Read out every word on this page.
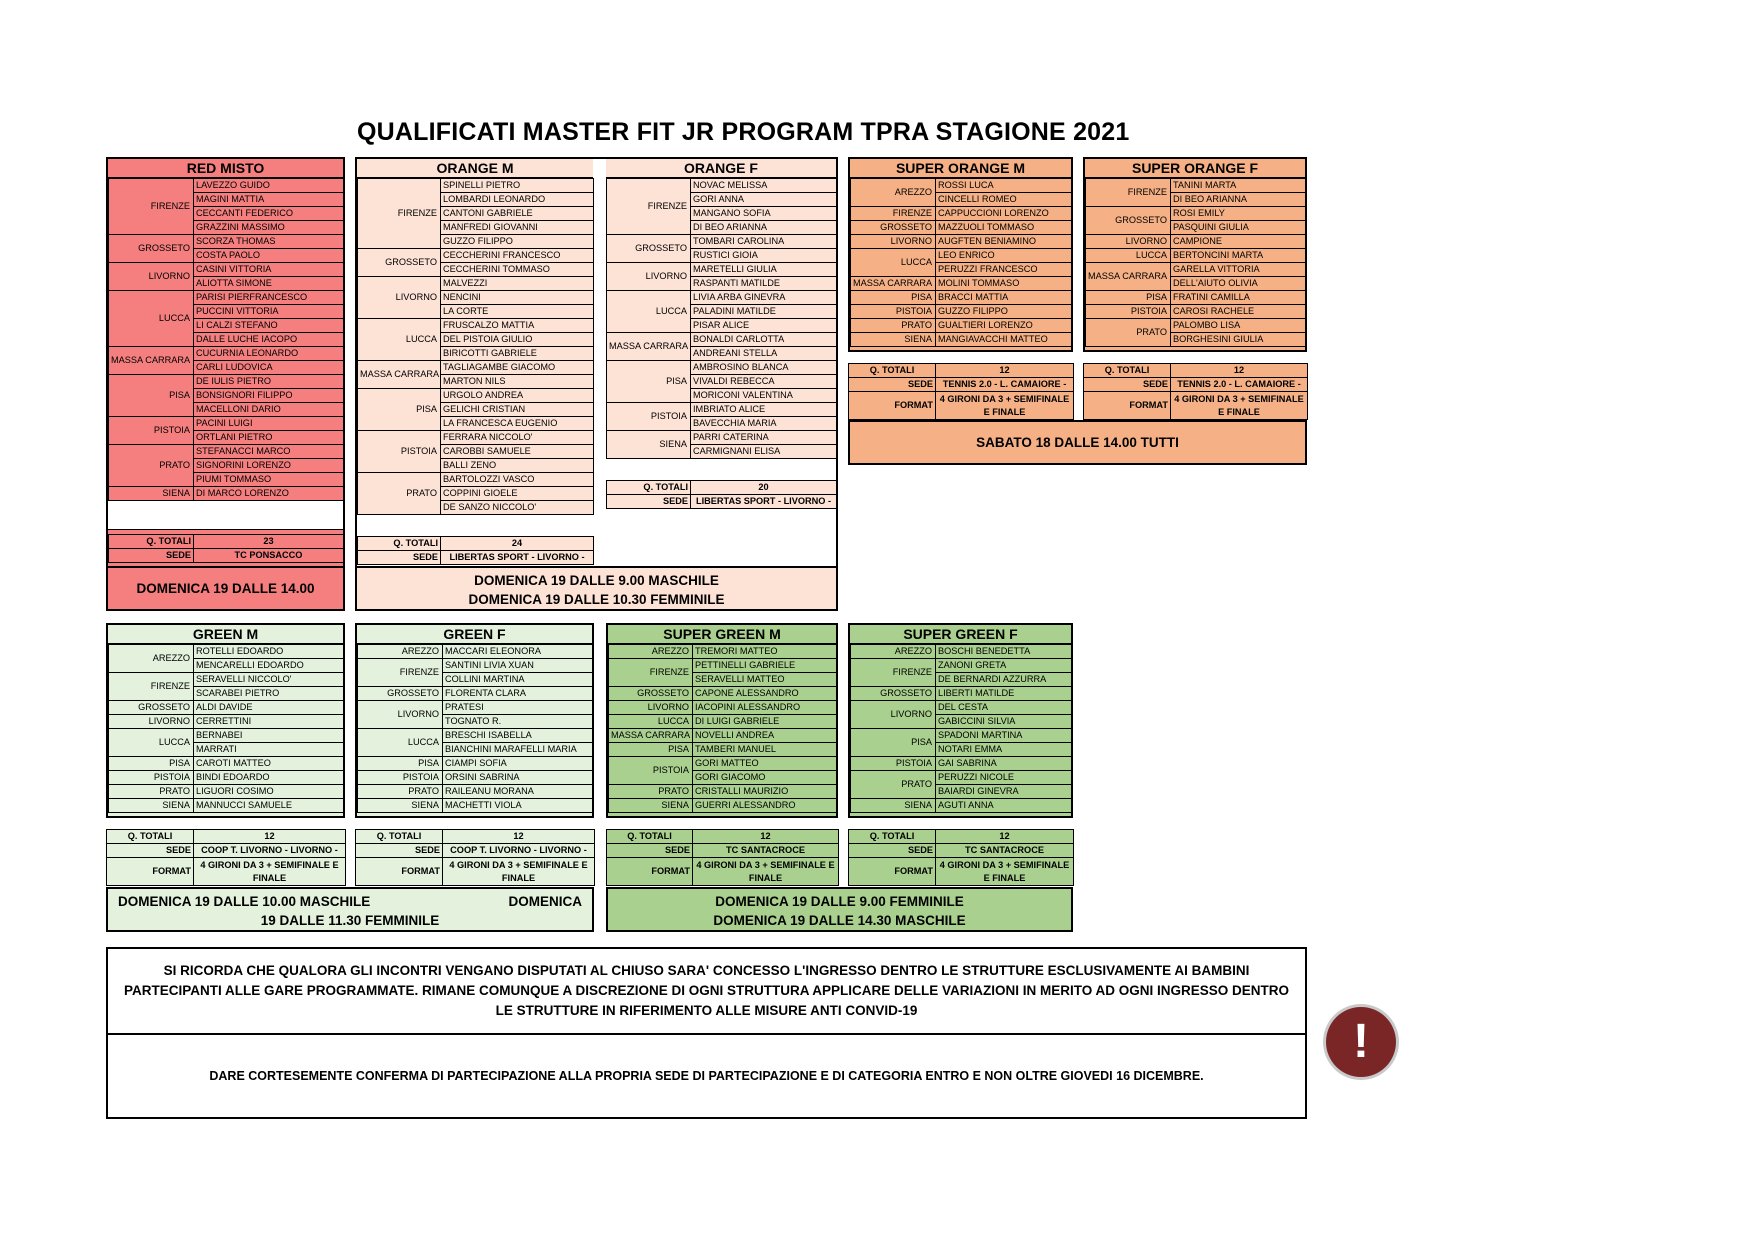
QUALIFICATI MASTER FIT JR PROGRAM TPRA STAGIONE 2021
RED MISTO
FIRENZE	LAVEZZO GUIDO
	MAGINI MATTIA
	CECCANTI FEDERICO
	GRAZZINI MASSIMO
GROSSETO	SCORZA THOMAS
	COSTA PAOLO
LIVORNO	CASINI VITTORIA
	ALIOTTA SIMONE
LUCCA	PARISI PIERFRANCESCO
	PUCCINI VITTORIA
	LI CALZI STEFANO
	DALLE LUCHE IACOPO
MASSA CARRARA	CUCURNIA LEONARDO
	CARLI LUDOVICA
PISA	DE IULIS PIETRO
	BONSIGNORI FILIPPO
	MACELLONI DARIO
PISTOIA	PACINI LUIGI
	ORTLANI PIETRO
PRATO	STEFANACCI MARCO
	SIGNORINI LORENZO
	PIUMI TOMMASO
SIENA	DI MARCO LORENZO
Q. TOTALI	23
SEDE	TC PONSACCO
DOMENICA 19 DALLE 14.00
ORANGE M
FIRENZE	SPINELLI PIETRO
	LOMBARDI LEONARDO
	CANTONI GABRIELE
	MANFREDI GIOVANNI
	GUZZO FILIPPO
GROSSETO	CECCHERINI FRANCESCO
	CECCHERINI TOMMASO
LIVORNO	MALVEZZI
	NENCINI
	LA CORTE
LUCCA	FRUSCALZO MATTIA
	DEL PISTOIA GIULIO
	BIRICOTTI GABRIELE
MASSA CARRARA	TAGLIAGAMBE GIACOMO
	MARTON NILS
PISA	URGOLO ANDREA
	GELICHI CRISTIAN
	LA FRANCESCA EUGENIO
PISTOIA	FERRARA NICCOLO'
	CAROBBI SAMUELE
	BALLI ZENO
PRATO	BARTOLOZZI VASCO
	COPPINI GIOELE
	DE SANZO NICCOLO'
Q. TOTALI	24
SEDE	LIBERTAS SPORT - LIVORNO -
ORANGE F
FIRENZE	NOVAC MELISSA
	GORI ANNA
	MANGANO SOFIA
	DI BEO ARIANNA
GROSSETO	TOMBARI CAROLINA
	RUSTICI GIOIA
LIVORNO	MARETELLI GIULIA
	RASPANTI MATILDE
LUCCA	LIVIA ARBA GINEVRA
	PALADINI MATILDE
	PISAR ALICE
MASSA CARRARA	BONALDI CARLOTTA
	ANDREANI STELLA
PISA	AMBROSINO BLANCA
	VIVALDI REBECCA
	MORICONI VALENTINA
PISTOIA	IMBRIATO ALICE
	BAVECCHIA MARIA
SIENA	PARRI CATERINA
	CARMIGNANI ELISA
Q. TOTALI	20
SEDE	LIBERTAS SPORT - LIVORNO -
DOMENICA 19 DALLE 9.00 MASCHILE
DOMENICA 19 DALLE 10.30 FEMMINILE
SUPER ORANGE M
AREZZO	ROSSI LUCA
	CINCELLI ROMEO
FIRENZE	CAPPUCCIONI LORENZO
GROSSETO	MAZZUOLI TOMMASO
LIVORNO	AUGFTEN BENIAMINO
LUCCA	LEO ENRICO
	PERUZZI FRANCESCO
MASSA CARRARA	MOLINI TOMMASO
PISA	BRACCI MATTIA
PISTOIA	GUZZO FILIPPO
PRATO	GUALTIERI LORENZO
SIENA	MANGIAVACCHI MATTEO
Q. TOTALI	12
SEDE	TENNIS 2.0 - L. CAMAIORE -
FORMAT	4 GIRONI DA 3 + SEMIFINALE E FINALE
SUPER ORANGE F
FIRENZE	TANINI MARTA
	DI BEO ARIANNA
GROSSETO	ROSI EMILY
	PASQUINI GIULIA
LIVORNO	CAMPIONE
LUCCA	BERTONCINI MARTA
MASSA CARRARA	GARELLA VITTORIA
	DELL'AIUTO OLIVIA
PISA	FRATINI CAMILLA
PISTOIA	CAROSI RACHELE
PRATO	PALOMBO LISA
	BORGHESINI GIULIA
Q. TOTALI	12
SEDE	TENNIS 2.0 - L. CAMAIORE -
FORMAT	4 GIRONI DA 3 + SEMIFINALE E FINALE
SABATO 18 DALLE 14.00 TUTTI
GREEN M
AREZZO	ROTELLI EDOARDO
	MENCARELLI EDOARDO
FIRENZE	SERAVELLI NICCOLO'
	SCARABEI PIETRO
GROSSETO	ALDI DAVIDE
LIVORNO	CERRETTINI
LUCCA	BERNABEI
	MARRATI
PISA	CAROTI MATTEO
PISTOIA	BINDI EDOARDO
PRATO	LIGUORI COSIMO
SIENA	MANNUCCI SAMUELE
Q. TOTALI	12
SEDE	COOP T. LIVORNO - LIVORNO -
FORMAT	4 GIRONI DA 3 + SEMIFINALE E FINALE
GREEN F
AREZZO	MACCARI ELEONORA
FIRENZE	SANTINI LIVIA XUAN
	COLLINI MARTINA
GROSSETO	FLORENTA CLARA
LIVORNO	PRATESI
	TOGNATO R.
LUCCA	BRESCHI ISABELLA
	BIANCHINI MARAFELLI MARIA
PISA	CIAMPI SOFIA
PISTOIA	ORSINI SABRINA
PRATO	RAILEANU MORANA
SIENA	MACHETTI VIOLA
Q. TOTALI	12
SEDE	COOP T. LIVORNO - LIVORNO -
FORMAT	4 GIRONI DA 3 + SEMIFINALE E FINALE
DOMENICA 19 DALLE 10.00 MASCHILE	DOMENICA
19 DALLE 11.30 FEMMINILE
SUPER GREEN M
AREZZO	TREMORI MATTEO
FIRENZE	PETTINELLI GABRIELE
	SERAVELLI MATTEO
GROSSETO	CAPONE ALESSANDRO
LIVORNO	IACOPINI ALESSANDRO
LUCCA	DI LUIGI GABRIELE
MASSA CARRARA	NOVELLI ANDREA
PISA	TAMBERI MANUEL
PISTOIA	GORI MATTEO
	GORI GIACOMO
PRATO	CRISTALLI MAURIZIO
SIENA	GUERRI ALESSANDRO
Q. TOTALI	12
SEDE	TC SANTACROCE
FORMAT	4 GIRONI DA 3 + SEMIFINALE E FINALE
SUPER GREEN F
AREZZO	BOSCHI BENEDETTA
FIRENZE	ZANONI GRETA
	DE BERNARDI AZZURRA
GROSSETO	LIBERTI MATILDE
LIVORNO	DEL CESTA
	GABICCINI SILVIA
PISA	SPADONI MARTINA
	NOTARI EMMA
PISTOIA	GAI SABRINA
PRATO	PERUZZI NICOLE
	BAIARDI GINEVRA
SIENA	AGUTI ANNA
Q. TOTALI	12
SEDE	TC SANTACROCE
FORMAT	4 GIRONI DA 3 + SEMIFINALE E FINALE
DOMENICA 19 DALLE 9.00 FEMMINILE
DOMENICA 19 DALLE 14.30 MASCHILE
SI RICORDA CHE QUALORA GLI INCONTRI VENGANO DISPUTATI AL CHIUSO SARA' CONCESSO L'INGRESSO DENTRO LE STRUTTURE ESCLUSIVAMENTE AI BAMBINI PARTECIPANTI ALLE GARE PROGRAMMATE. RIMANE COMUNQUE A DISCREZIONE DI OGNI STRUTTURA APPLICARE DELLE VARIAZIONI IN MERITO AD OGNI INGRESSO DENTRO LE STRUTTURE IN RIFERIMENTO ALLE MISURE ANTI CONVID-19
DARE CORTESEMENTE CONFERMA DI PARTECIPAZIONE ALLA PROPRIA SEDE DI PARTECIPAZIONE E DI CATEGORIA ENTRO E NON OLTRE GIOVEDI 16 DICEMBRE.
!
